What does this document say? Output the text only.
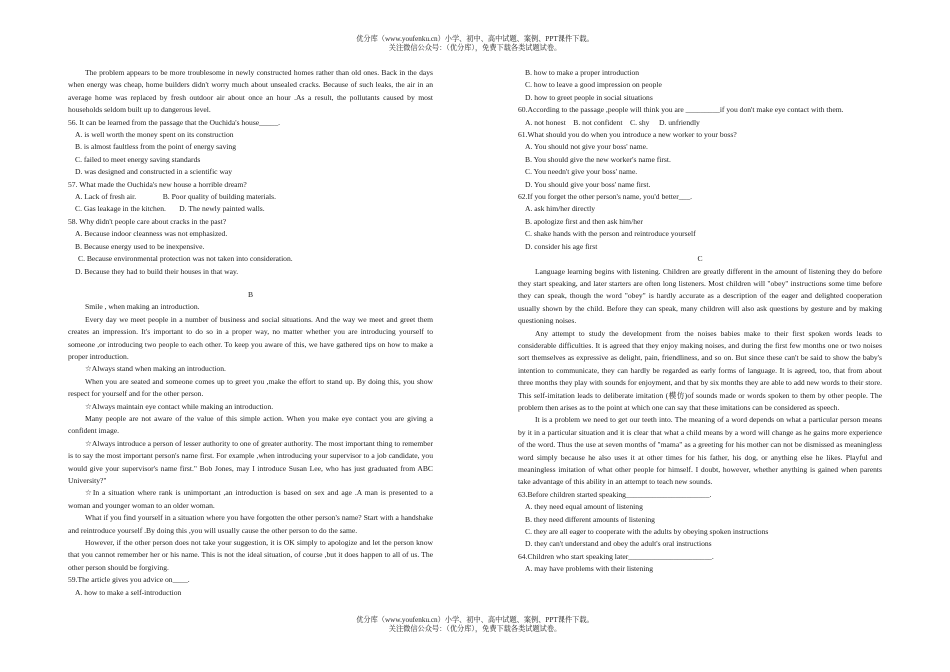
优分库（www.youfenku.cn）小学、初中、高中试题、案例、PPT课件下载。
关注微信公众号：（优分库），免费下载各类试题试卷。
The problem appears to be more troublesome in newly constructed homes rather than old ones. Back in the days when energy was cheap, home builders didn't worry much about unsealed cracks. Because of such leaks, the air in an average home was replaced by fresh outdoor air about once an hour .As a result, the pollutants caused by most households seldom built up to dangerous level.
56. It can be learned from the passage that the Ouchida's house_____.
A. is well worth the money spent on its construction
B. is almost faultless from the point of energy saving
C. failed to meet energy saving standards
D. was designed and constructed in a scientific way
57. What made the Ouchida's new house a horrible dream?
A. Lack of fresh air.              B. Poor quality of building materials.
C. Gas leakage in the kitchen.       D. The newly painted walls.
58. Why didn't people care about cracks in the past?
A. Because indoor cleanness was not emphasized.
B. Because energy used to be inexpensive.
C. Because environmental protection was not taken into consideration.
D. Because they had to build their houses in that way.
B
Smile , when making an introduction.
Every day we meet people in a number of business and social situations. And the way we meet and greet them creates an impression. It's important to do so in a proper way, no matter whether you are introducing yourself to someone ,or introducing two people to each other. To keep you aware of this, we have gathered tips on how to make a proper introduction.
☆Always stand when making an introduction.
When you are seated and someone comes up to greet you ,make the effort to stand up. By doing this, you show respect for yourself and for the other person.
☆Always maintain eye contact while making an introduction.
Many people are not aware of the value of this simple action. When you make eye contact you are giving a confident image.
☆Always introduce a person of lesser authority to one of greater authority. The most important thing to remember is to say the most important person's name first. For example ,when introducing your supervisor to a job candidate, you would give your supervisor's name first." Bob Jones, may I introduce Susan Lee, who has just graduated from ABC University?"
☆In a situation where rank is unimportant ,an introduction is based on sex and age .A man is presented to a woman and younger woman to an older woman.
What if you find yourself in a situation where you have forgotten the other person's name? Start with a handshake and reintroduce yourself .By doing this ,you will usually cause the other person to do the same.
However, if the other person does not take your suggestion, it is OK simply to apologize and let the person know that you cannot remember her or his name. This is not the ideal situation, of course ,but it does happen to all of us. The other person should be forgiving.
59.The article gives you advice on____.
A. how to make a self-introduction
B. how to make a proper introduction
C. how to leave a good impression on people
D. how to greet people in social situations
60.According to the passage ,people will think you are _________if you don't make eye contact with them.
A. not honest    B. not confident    C. shy     D. unfriendly
61.What should you do when you introduce a new worker to your boss?
A. You should not give your boss' name.
B. You should give the new worker's name first.
C. You needn't give your boss' name.
D. You should give your boss' name first.
62.If you forget the other person's name, you'd better___.
A. ask him/her directly
B. apologize first and then ask him/her
C. shake hands with the person and reintroduce yourself
D. consider his age first
C
Language learning begins with listening. Children are greatly different in the amount of listening they do before they start speaking, and later starters are often long listeners. Most children will "obey" instructions some time before they can speak, though the word "obey" is hardly accurate as a description of the eager and delighted cooperation usually shown by the child. Before they can speak, many children will also ask questions by gesture and by making questioning noises.
Any attempt to study the development from the noises babies make to their first spoken words leads to considerable difficulties. It is agreed that they enjoy making noises, and during the first few months one or two noises sort themselves as expressive as delight, pain, friendliness, and so on. But since these can't be said to show the baby's intention to communicate, they can hardly be regarded as early forms of language. It is agreed, too, that from about three months they play with sounds for enjoyment, and that by six months they are able to add new words to their store. This self-imitation leads to deliberate imitation (模仿)of sounds made or words spoken to them by other people. The problem then arises as to the point at which one can say that these imitations can be considered as speech.
It is a problem we need to get our teeth into. The meaning of a word depends on what a particular person means by it in a particular situation and it is clear that what a child means by a word will change as he gains more experience of the word. Thus the use at seven months of "mama" as a greeting for his mother can not be dismissed as meaningless word simply because he also uses it at other times for his father, his dog, or anything else he likes. Playful and meaningless imitation of what other people for himself. I doubt, however, whether anything is gained when parents take advantage of this ability in an attempt to teach new sounds.
63.Before children started speaking______________________.
A. they need equal amount of listening
B. they need different amounts of listening
C. they are all eager to cooperate with the adults by obeying spoken instructions
D. they can't understand and obey the adult's oral instructions
64.Children who start speaking later______________________.
A. may have problems with their listening
优分库（www.youfenku.cn）小学、初中、高中试题、案例、PPT课件下载。
关注微信公众号：（优分库），免费下载各类试题试卷。
